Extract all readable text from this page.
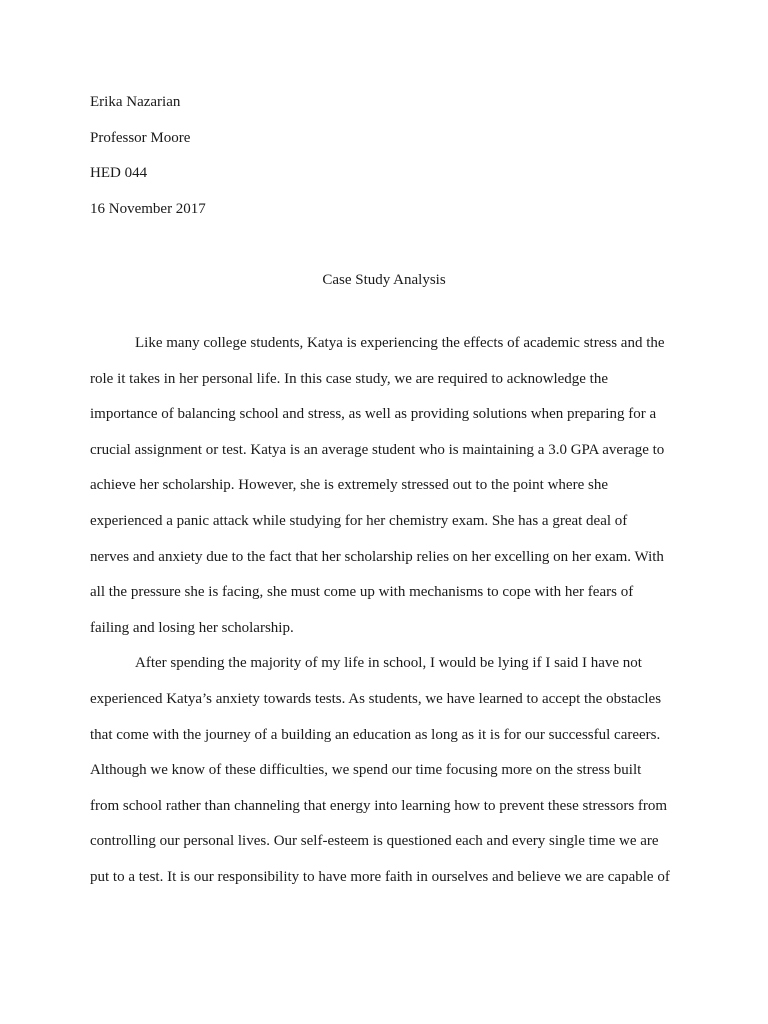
Erika Nazarian
Professor Moore
HED 044
16 November 2017
Case Study Analysis

Like many college students, Katya is experiencing the effects of academic stress and the role it takes in her personal life. In this case study, we are required to acknowledge the importance of balancing school and stress, as well as providing solutions when preparing for a crucial assignment or test. Katya is an average student who is maintaining a 3.0 GPA average to achieve her scholarship. However, she is extremely stressed out to the point where she experienced a panic attack while studying for her chemistry exam. She has a great deal of nerves and anxiety due to the fact that her scholarship relies on her excelling on her exam. With all the pressure she is facing, she must come up with mechanisms to cope with her fears of failing and losing her scholarship.

After spending the majority of my life in school, I would be lying if I said I have not experienced Katya’s anxiety towards tests. As students, we have learned to accept the obstacles that come with the journey of a building an education as long as it is for our successful careers. Although we know of these difficulties, we spend our time focusing more on the stress built from school rather than channeling that energy into learning how to prevent these stressors from controlling our personal lives. Our self-esteem is questioned each and every single time we are put to a test. It is our responsibility to have more faith in ourselves and believe we are capable of
